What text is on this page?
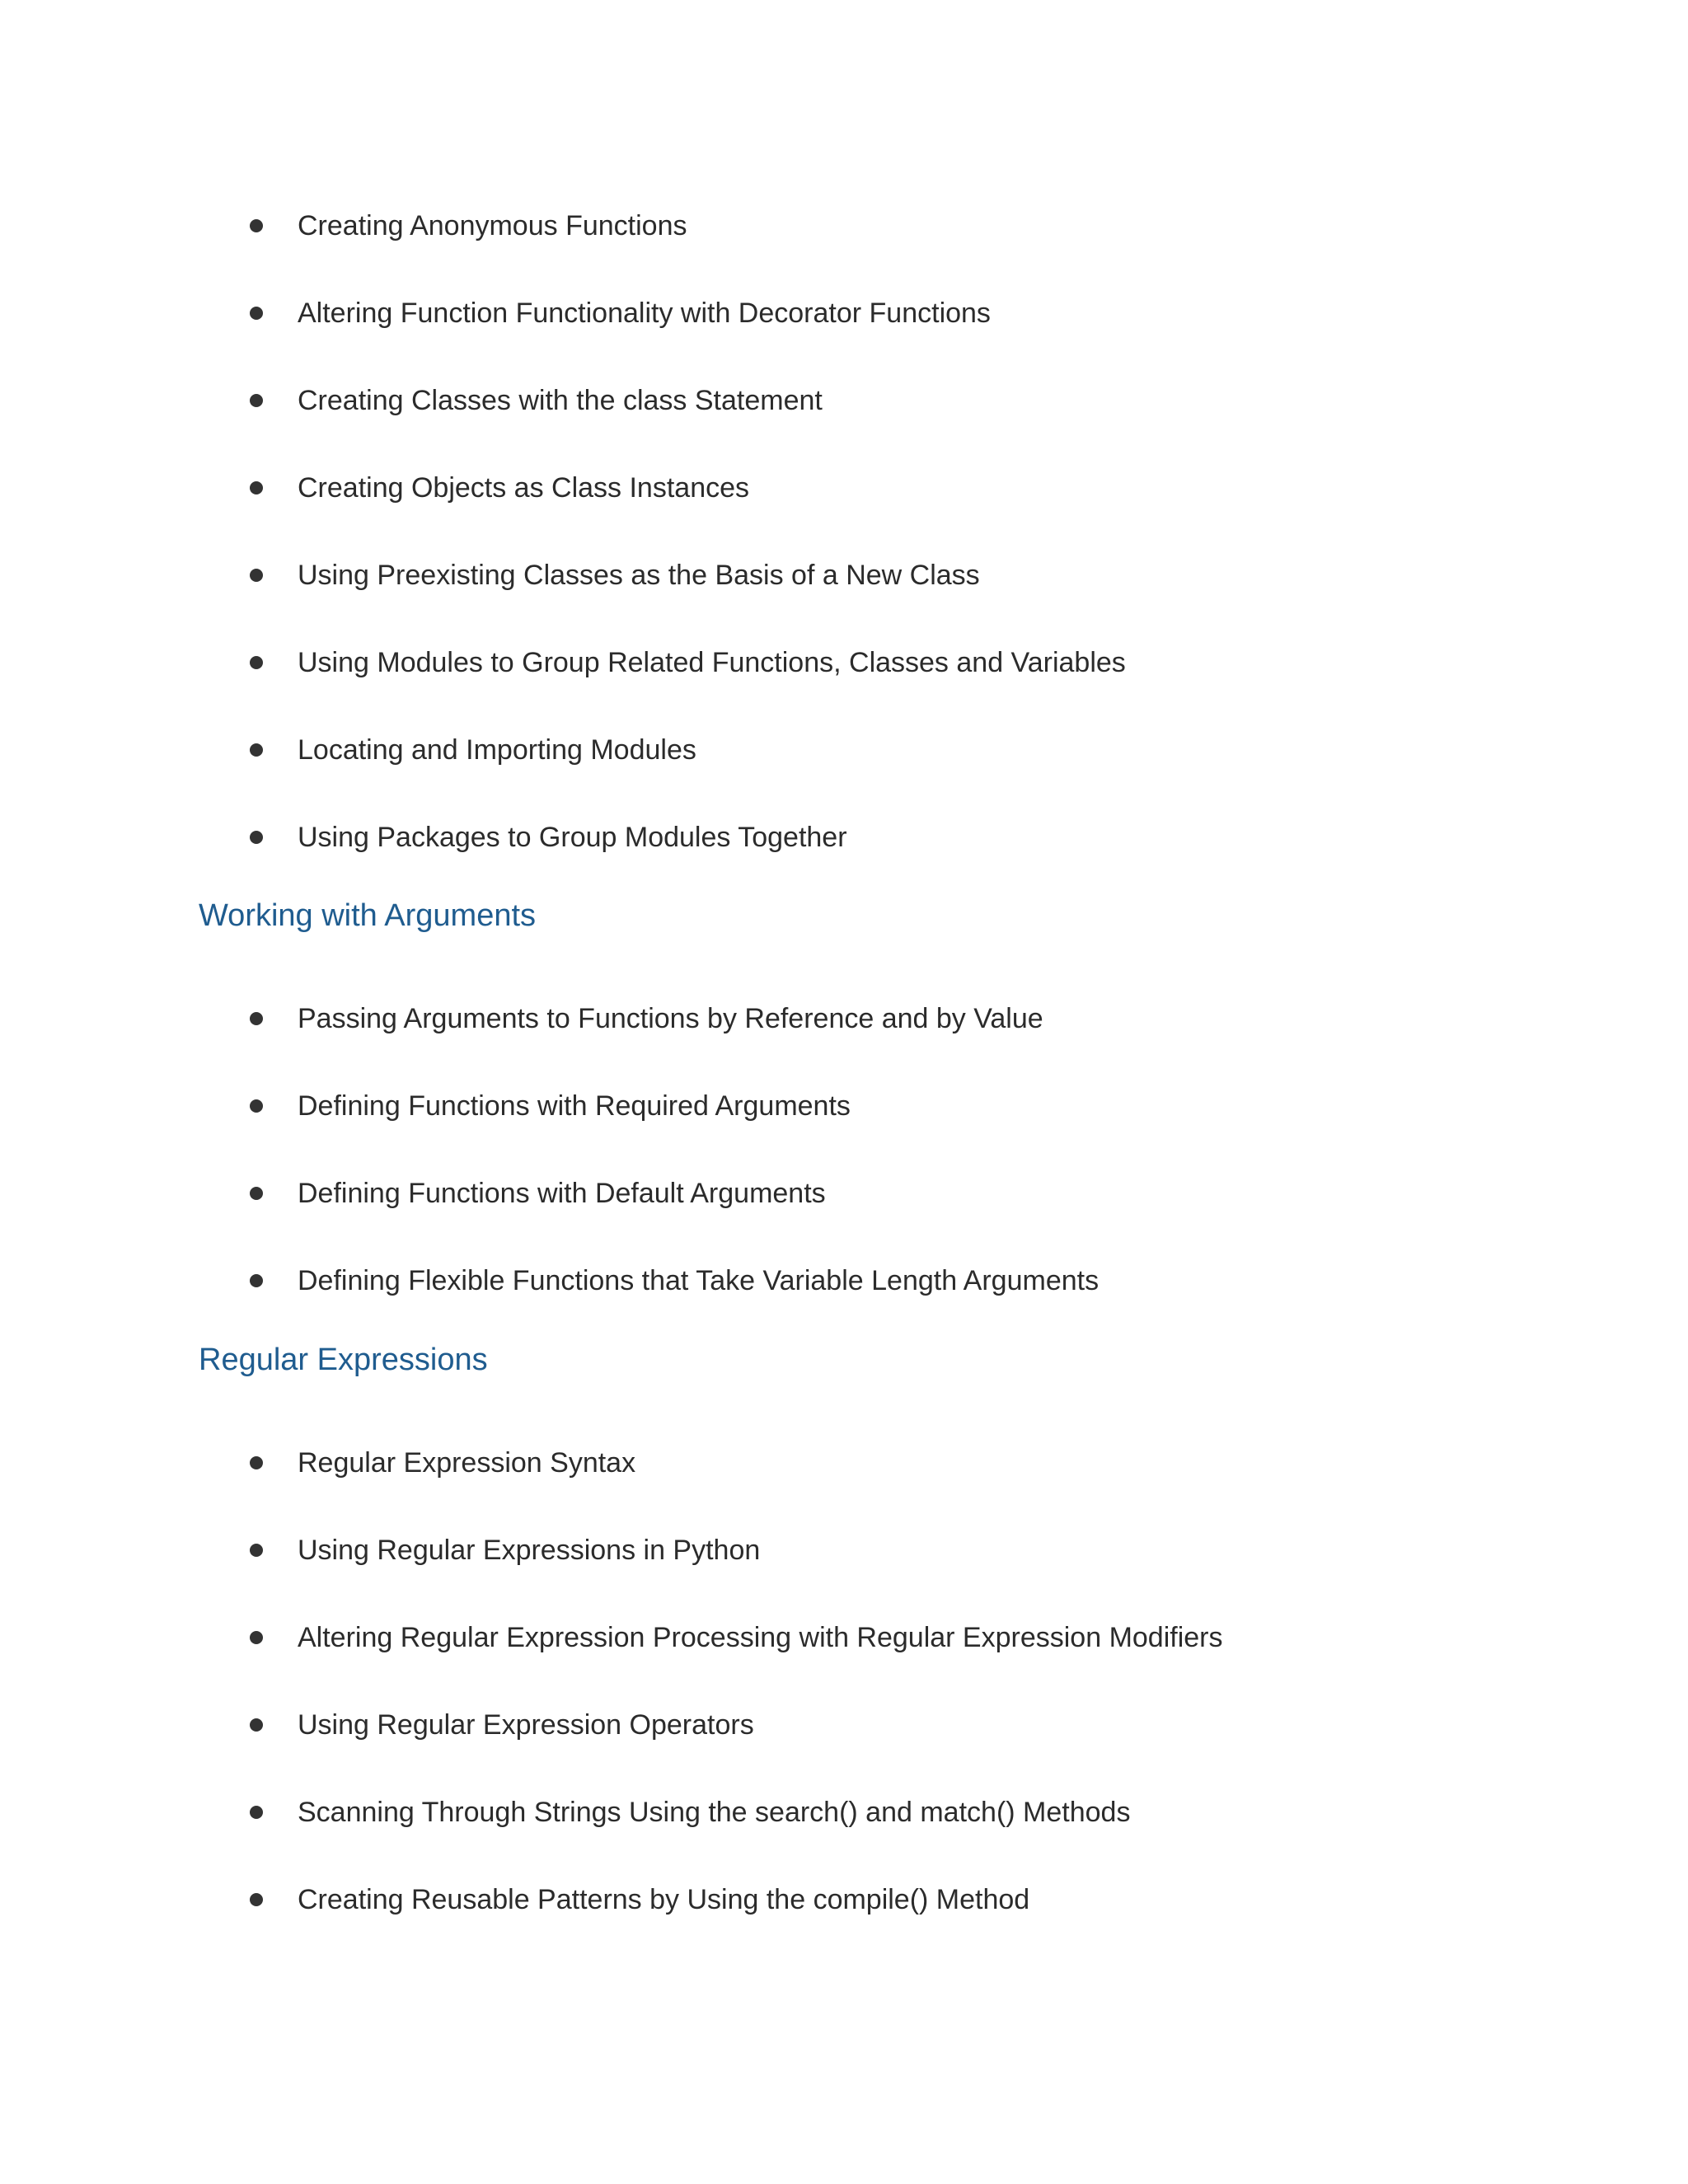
Creating Anonymous Functions
Altering Function Functionality with Decorator Functions
Creating Classes with the class Statement
Creating Objects as Class Instances
Using Preexisting Classes as the Basis of a New Class
Using Modules to Group Related Functions, Classes and Variables
Locating and Importing Modules
Using Packages to Group Modules Together
Working with Arguments
Passing Arguments to Functions by Reference and by Value
Defining Functions with Required Arguments
Defining Functions with Default Arguments
Defining Flexible Functions that Take Variable Length Arguments
Regular Expressions
Regular Expression Syntax
Using Regular Expressions in Python
Altering Regular Expression Processing with Regular Expression Modifiers
Using Regular Expression Operators
Scanning Through Strings Using the search() and match() Methods
Creating Reusable Patterns by Using the compile() Method
